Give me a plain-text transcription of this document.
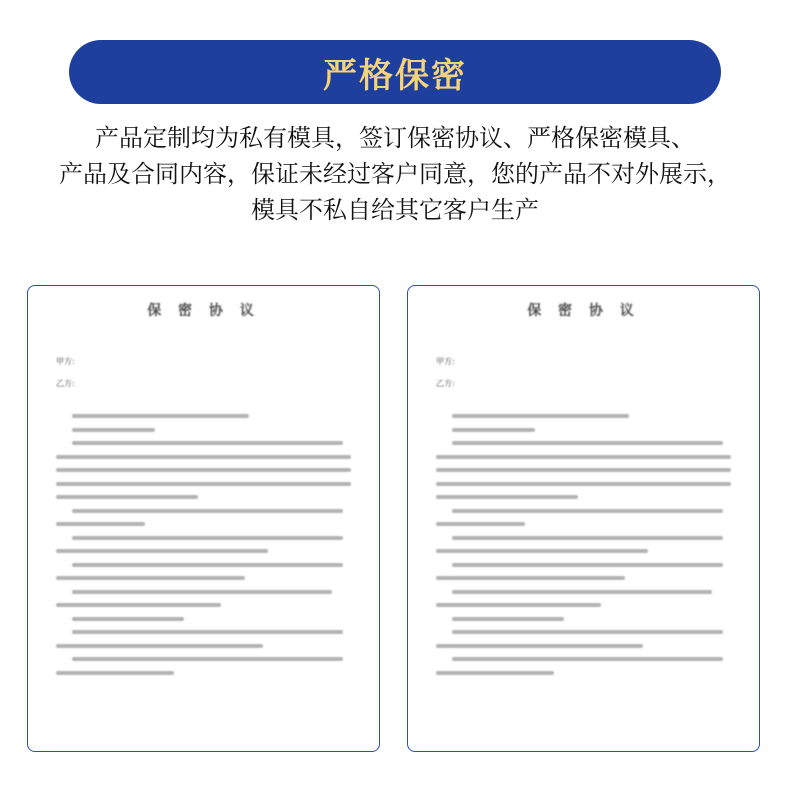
严格保密
产品定制均为私有模具，签订保密协议、严格保密模具、
产品及合同内容，保证未经过客户同意，您的产品不对外展示，
模具不私自给其它客户生产
保 密 协 议
甲方:
乙方:
保 密 协 议
甲方:
乙方:
